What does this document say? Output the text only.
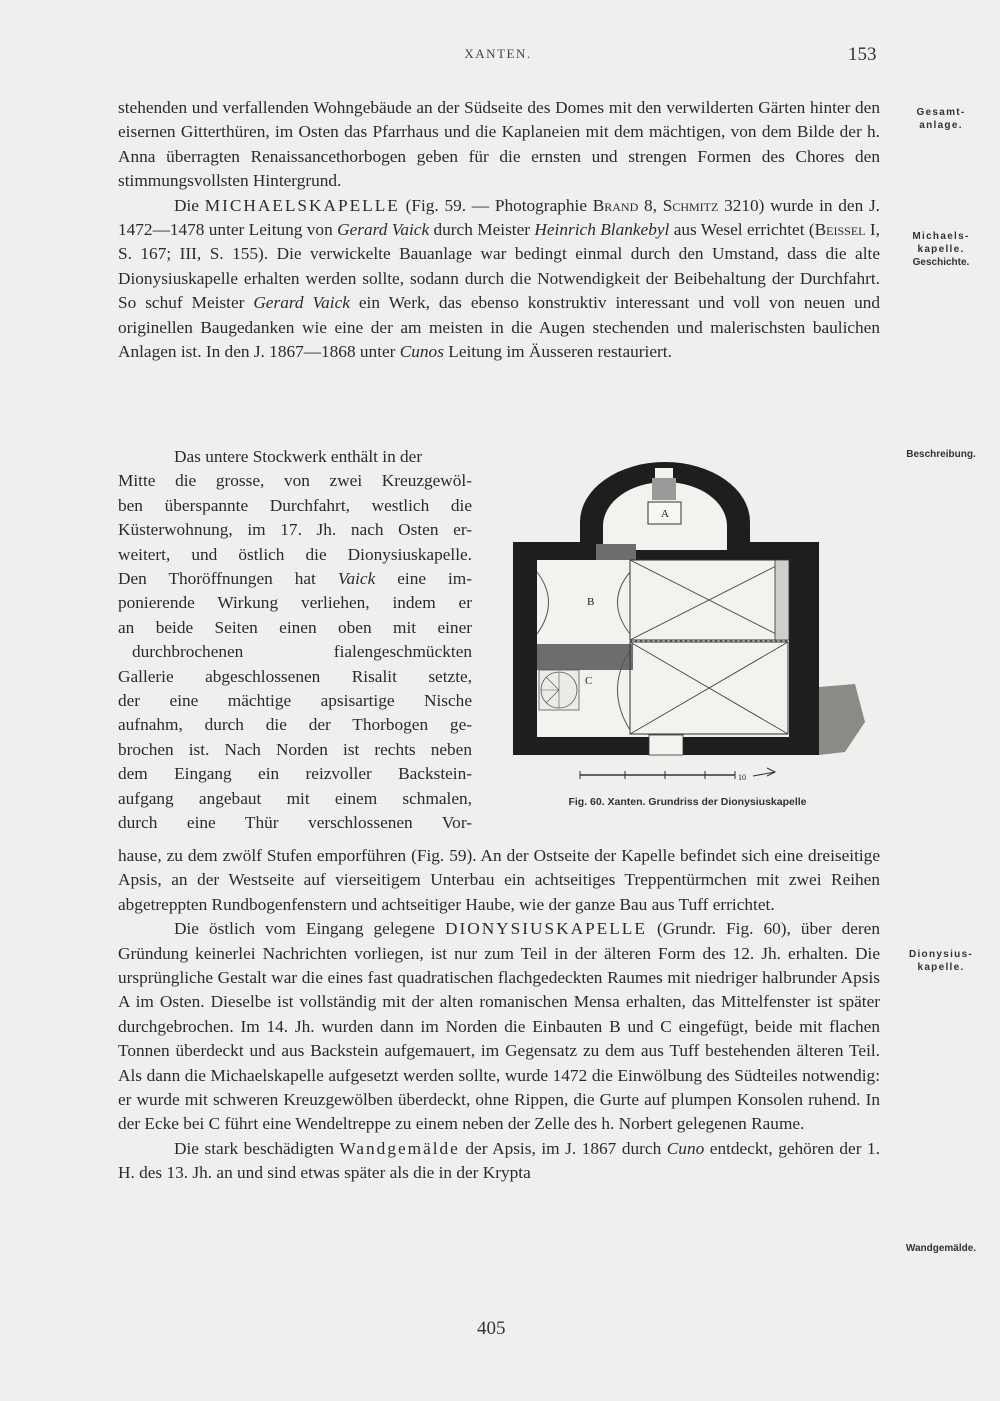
XANTEN.	153

stehenden und verfallenden Wohngebäude an der Südseite des Domes mit den verwilderten Gärten hinter den eisernen Gitterthüren, im Osten das Pfarrhaus und die Kaplaneien mit dem mächtigen, von dem Bilde der h. Anna überragten Renaissancethorbogen geben für die ernsten und strengen Formen des Chores den stimmungsvollsten Hintergrund.

Die MICHAELSKAPELLE (Fig. 59. — Photographie Brand 8, Schmitz 3210) wurde in den J. 1472—1478 unter Leitung von Gerard Vaick durch Meister Heinrich Blankebyl aus Wesel errichtet (Beissel I, S. 167; III, S. 155). Die verwickelte Bauanlage war bedingt einmal durch den Umstand, dass die alte Dionysiuskapelle erhalten werden sollte, sodann durch die Notwendigkeit der Beibehaltung der Durchfahrt. So schuf Meister Gerard Vaick ein Werk, das ebenso konstruktiv interessant und voll von neuen und originellen Baugedanken wie eine der am meisten in die Augen stechenden und malerischsten baulichen Anlagen ist. In den J. 1867—1868 unter Cunos Leitung im Äusseren restauriert.

Das untere Stockwerk enthält in der
Mitte die grosse, von zwei Kreuzgewöl-
ben überspannte Durchfahrt, westlich die
Küsterwohnung, im 17. Jh. nach Osten er-
weitert, und östlich die Dionysiuskapelle.
Den Thoröffnungen hat Vaick eine im-
ponierende Wirkung verliehen, indem er
an beide Seiten einen oben mit einer
durchbrochenen fialengeschmückten
Gallerie abgeschlossenen Risalit setzte,
der eine mächtige apsisartige Nische
aufnahm, durch die der Thorbogen ge-
brochen ist. Nach Norden ist rechts neben
dem Eingang ein reizvoller Backstein-
aufgang angebaut mit einem schmalen,
durch eine Thür verschlossenen Vor-

hause, zu dem zwölf Stufen emporführen (Fig. 59). An der Ostseite der Kapelle befindet sich eine dreiseitige Apsis, an der Westseite auf vierseitigem Unterbau ein achtseitiges Treppentürmchen mit zwei Reihen abgetreppten Rundbogenfenstern und achtseitiger Haube, wie der ganze Bau aus Tuff errichtet.

Die östlich vom Eingang gelegene DIONYSIUSKAPELLE (Grundr. Fig. 60), über deren Gründung keinerlei Nachrichten vorliegen, ist nur zum Teil in der älteren Form des 12. Jh. erhalten. Die ursprüngliche Gestalt war die eines fast quadratischen flachgedeckten Raumes mit niedriger halbrunder Apsis A im Osten. Dieselbe ist vollständig mit der alten romanischen Mensa erhalten, das Mittelfenster ist später durchgebrochen. Im 14. Jh. wurden dann im Norden die Einbauten B und C eingefügt, beide mit flachen Tonnen überdeckt und aus Backstein aufgemauert, im Gegensatz zu dem aus Tuff bestehenden älteren Teil. Als dann die Michaelskapelle aufgesetzt werden sollte, wurde 1472 die Einwölbung des Südteiles notwendig: er wurde mit schweren Kreuzgewölben überdeckt, ohne Rippen, die Gurte auf plumpen Konsolen ruhend. In der Ecke bei C führt eine Wendeltreppe zu einem neben der Zelle des h. Norbert gelegenen Raume.

Die stark beschädigten Wandgemälde der Apsis, im J. 1867 durch Cuno entdeckt, gehören der 1. H. des 13. Jh. an und sind etwas später als die in der Krypta

A
B
C
10
Fig. 60. Xanten. Grundriss der Dionysiuskapelle
Gesamt-
anlage.
Michaels-
kapelle.
Geschichte.
Beschreibung.
Dionysius-
kapelle.
Wandgemälde.
405
